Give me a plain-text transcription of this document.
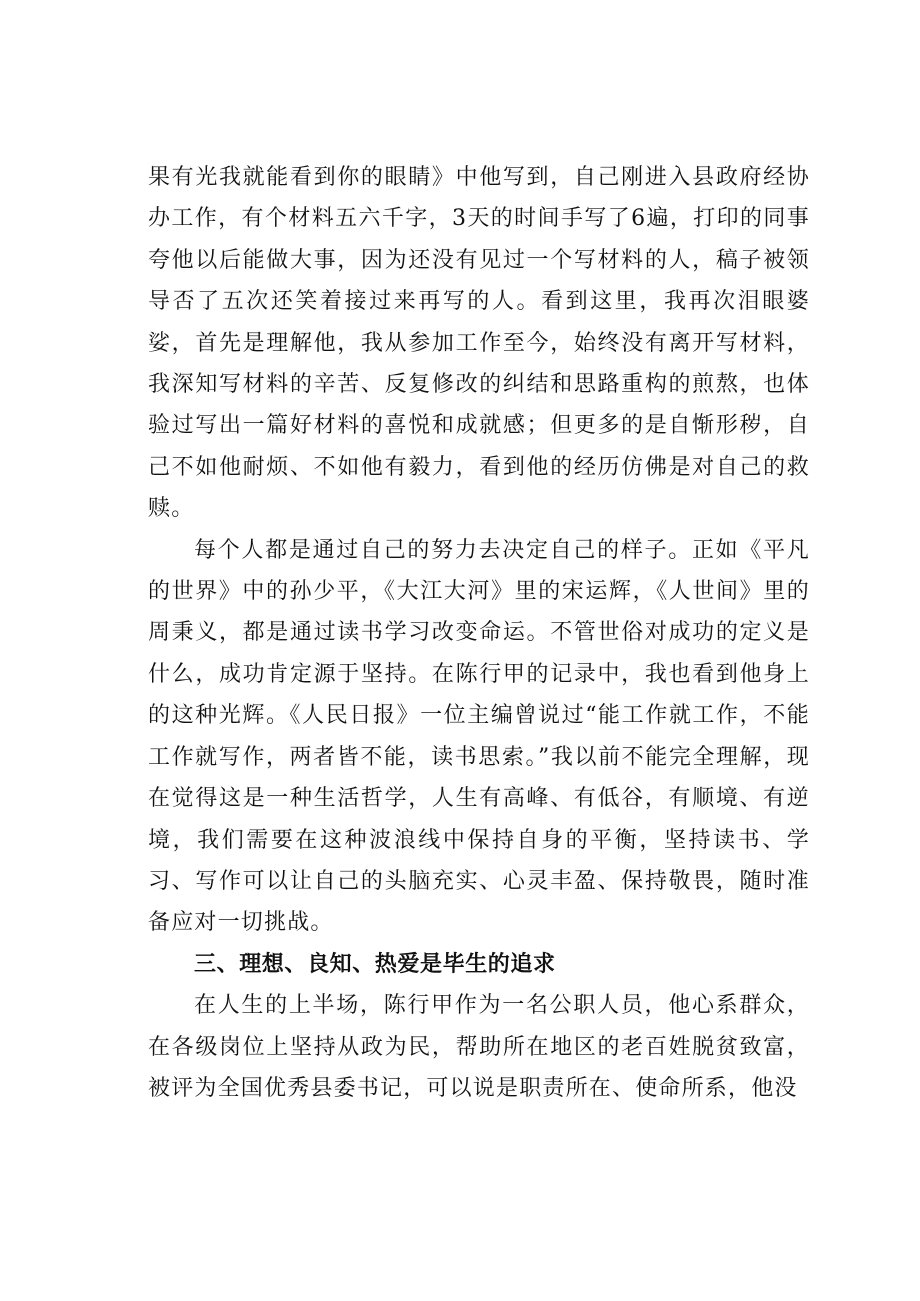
果有光我就能看到你的眼睛》中他写到，自己刚进入县政府经协办工作，有个材料五六千字，3天的时间手写了6遍，打印的同事夸他以后能做大事，因为还没有见过一个写材料的人，稿子被领导否了五次还笑着接过来再写的人。看到这里，我再次泪眼婆娑，首先是理解他，我从参加工作至今，始终没有离开写材料，我深知写材料的辛苦、反复修改的纠结和思路重构的煎熬，也体验过写出一篇好材料的喜悦和成就感；但更多的是自惭形秽，自己不如他耐烦、不如他有毅力，看到他的经历仿佛是对自己的救赎。

每个人都是通过自己的努力去决定自己的样子。正如《平凡的世界》中的孙少平，《大江大河》里的宋运辉，《人世间》里的周秉义，都是通过读书学习改变命运。不管世俗对成功的定义是什么，成功肯定源于坚持。在陈行甲的记录中，我也看到他身上的这种光辉。《人民日报》一位主编曾说过“能工作就工作，不能工作就写作，两者皆不能，读书思索。”我以前不能完全理解，现在觉得这是一种生活哲学，人生有高峰、有低谷，有顺境、有逆境，我们需要在这种波浪线中保持自身的平衡，坚持读书、学习、写作可以让自己的头脑充实、心灵丰盈、保持敬畏，随时准备应对一切挑战。

三、理想、良知、热爱是毕生的追求

在人生的上半场，陈行甲作为一名公职人员，他心系群众，在各级岗位上坚持从政为民，帮助所在地区的老百姓脱贫致富，被评为全国优秀县委书记，可以说是职责所在、使命所系，他没
